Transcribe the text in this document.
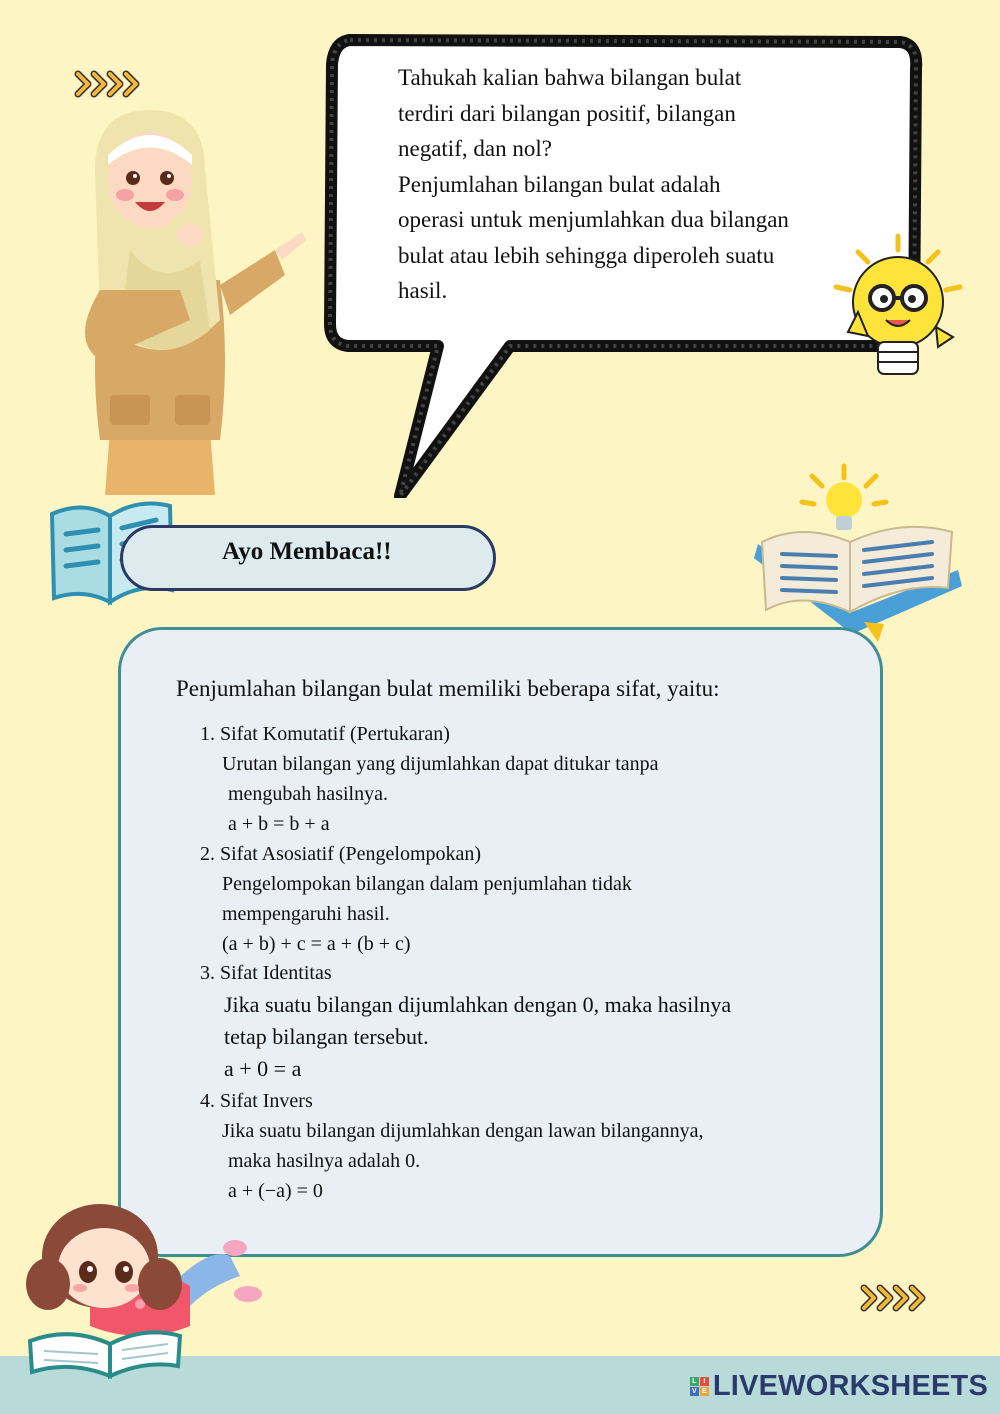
Tahukah kalian bahwa bilangan bulat

terdiri dari bilangan positif, bilangan

negatif, dan nol?

Penjumlahan bilangan bulat adalah

operasi untuk menjumlahkan dua bilangan

bulat atau lebih sehingga diperoleh suatu

hasil.

Ayo Membaca!!
Penjumlahan bilangan bulat memiliki beberapa sifat, yaitu:
1. Sifat Komutatif (Pertukaran)
Urutan bilangan yang dijumlahkan dapat ditukar tanpa
mengubah hasilnya.
a + b = b + a
2. Sifat Asosiatif (Pengelompokan)
Pengelompokan bilangan dalam penjumlahan tidak
mempengaruhi hasil.
(a + b) + c = a + (b + c)
3. Sifat Identitas
Jika suatu bilangan dijumlahkan dengan 0, maka hasilnya
tetap bilangan tersebut.
a + 0 = a
4. Sifat Invers
Jika suatu bilangan dijumlahkan dengan lawan bilangannya,
maka hasilnya adalah 0.
a + (−a) = 0
L I
V E LIVEWORKSHEETS
